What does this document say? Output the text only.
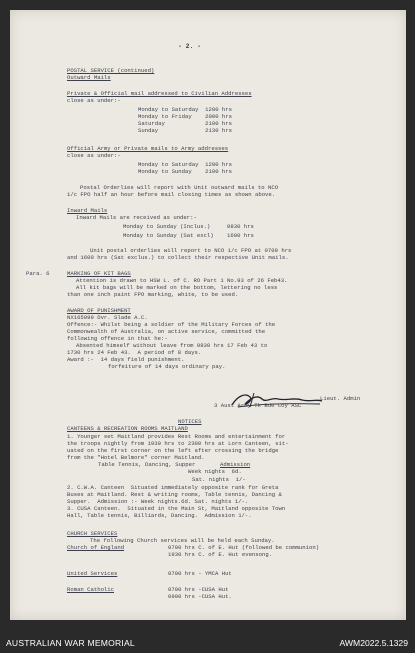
- 2. -
POSTAL SERVICE (continued)
Outward Mails
Private & Official mail addressed to Civilian Addresses
close as under:-
Monday to Saturday  1200 hrs
Monday to Friday    2000 hrs
Saturday            2100 hrs
Sunday              2130 hrs
Official Army or Private mails to Army addresses
close as under:-
Monday to Saturday  1200 hrs
Monday to Sunday    2100 hrs
Postal Orderlies will report with Unit outward mails to NCO
1/c FPO half an hour before mail closing times as shown above.
Inward Mails
Inward Mails are received as under:-
Monday to Sunday (Inclus.)     0830 hrs
Monday to Sunday (Sat excl)    1600 hrs
Unit postal orderlies will report to NCO 1/c FPO at 0700 hrs
and 1600 hrs (Sat exclus.) to collect their respective Unit mails.
Para. 6	MARKING OF KIT BAGS
Attention is drawn to HSW L. of C. RO Part 1 No.93 of 26 Feb43.
All kit bags will be marked on the bottom, lettering no less
than one inch paint FPO marking, white, to be used.
AWARD OF PUNISHMENT
NX165099 Dvr. Slade A.C.
Offence:- Whilst being a soldier of the Military Forces of the
Commonwealth of Australia, on active service, committed the
following offence in that he:-
Absented himself without leave from 0830 hrs 17 Feb 43 to
1730 hrs 24 Feb 43.  A period of 8 days.
Award :-  14 days field punishment.
forfeiture of 14 days ordinary pay.
Lieut. Admin
3 Aust Army Tk Bde Coy ASC
NOTICES
CANTEENS & RECREATION ROOMS MAITLAND
1. Younger set Maitland provides Rest Rooms and entertainment for
the troops nightly from 1930 hrs to 2300 hrs at Lorn Canteen, sit-
uated on the first corner on the left after crossing the bridge
from the "Hotel Belmore" corner Maitland.
Table Tennis, Dancing, Supper	Admission
Week nights  6d.
Sat. nights  1/-
2. C.W.A. Canteen  Situated immediately opposite rank for Greta
Buses at Maitland. Rest & writing rooms, Table tennis, Dancing &
Supper.  Admission :- Week nights.6d. Sat. nights 1/-.
3. CUSA Canteen.  Situated in the Main St, Maitland opposite Town
Hall, Table tennis, Billiards, Dancing.  Admission 1/-.
CHURCH SERVICES
The following Church services will be held each Sunday.
Church of England	0700 hrs C. of E. Hut (followed be communion)
1930 hrs C. of E. Hut evensong.
United Services	0700 hrs - YMCA Hut
Roman Catholic	0700 hrs -CUSA Hut
0900 hrs -CUSA Hut.
AUSTRALIAN WAR MEMORIAL	AWM2022.5.1329
